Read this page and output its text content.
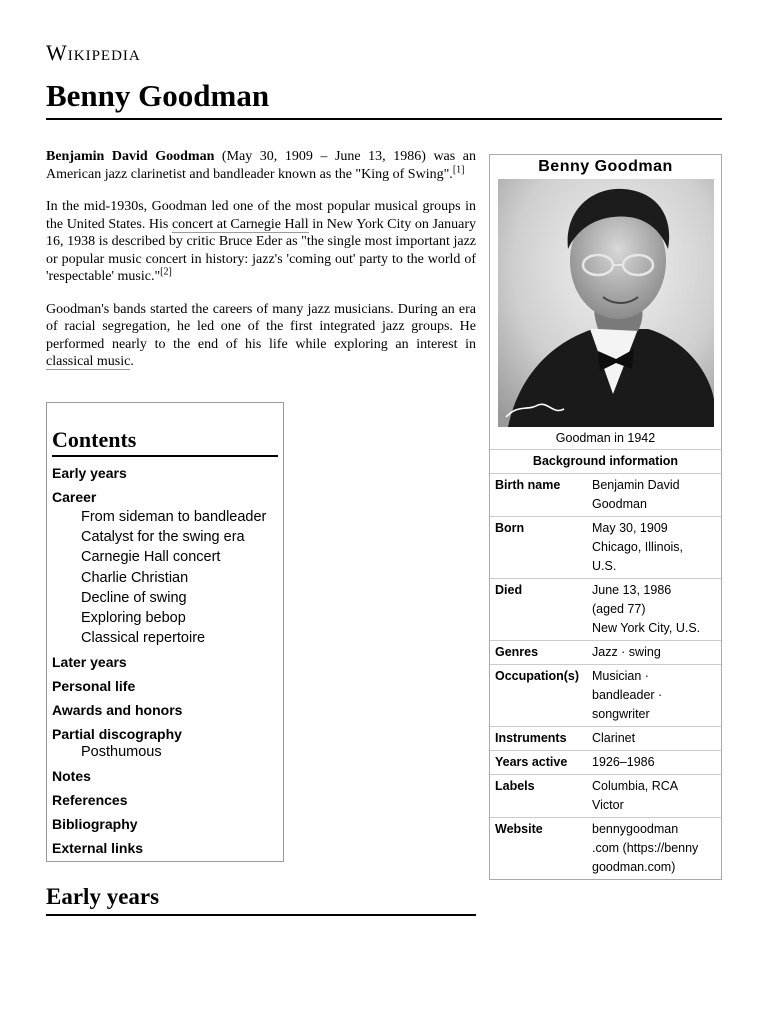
Wikipedia
Benny Goodman

Benjamin David Goodman (May 30, 1909 – June 13, 1986) was an American jazz clarinetist and bandleader known as the "King of Swing".[1]

In the mid-1930s, Goodman led one of the most popular musical groups in the United States. His concert at Carnegie Hall in New York City on January 16, 1938 is described by critic Bruce Eder as "the single most important jazz or popular music concert in history: jazz's 'coming out' party to the world of 'respectable' music."[2]

Goodman's bands started the careers of many jazz musicians. During an era of racial segregation, he led one of the first integrated jazz groups. He performed nearly to the end of his life while exploring an interest in classical music.

Contents
Early years
Career
From sideman to bandleader
Catalyst for the swing era
Carnegie Hall concert
Charlie Christian
Decline of swing
Exploring bebop
Classical repertoire
Later years
Personal life
Awards and honors
Partial discography
Posthumous
Notes
References
Bibliography
External links
Early years
Benny Goodman
Goodman in 1942
Background information
Birth name	Benjamin David
Goodman
Born	May 30, 1909
Chicago, Illinois,
U.S.
Died	June 13, 1986
(aged 77)
New York City, U.S.
Genres	Jazz · swing
Occupation(s)	Musician ·
bandleader ·
songwriter
Instruments	Clarinet
Years active	1926–1986
Labels	Columbia, RCA
Victor
Website	bennygoodman
.com (https://benny
goodman.com)
